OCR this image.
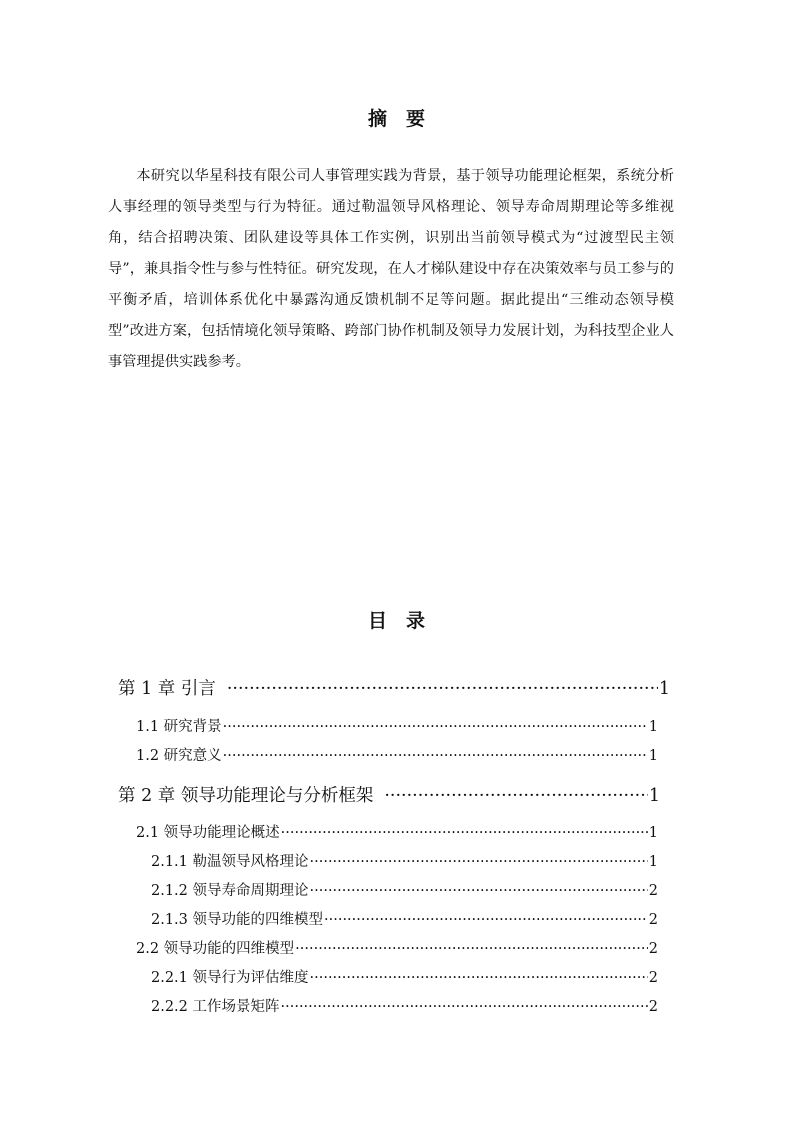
摘　要

本研究以华星科技有限公司人事管理实践为背景，基于领导功能理论框架，系统分析人事经理的领导类型与行为特征。通过勒温领导风格理论、领导寿命周期理论等多维视角，结合招聘决策、团队建设等具体工作实例，识别出当前领导模式为“过渡型民主领导”，兼具指令性与参与性特征。研究发现，在人才梯队建设中存在决策效率与员工参与的平衡矛盾，培训体系优化中暴露沟通反馈机制不足等问题。据此提出“三维动态领导模型”改进方案，包括情境化领导策略、跨部门协作机制及领导力发展计划，为科技型企业人事管理提供实践参考。

目　录
第 1 章 引言 ·····	1
1.1 研究背景 ·····	1
1.2 研究意义 ·····	1
第 2 章 领导功能理论与分析框架 ·····	1
2.1 领导功能理论概述 ·····	1
2.1.1 勒温领导风格理论 ·····	1
2.1.2 领导寿命周期理论 ·····	2
2.1.3 领导功能的四维模型 ·····	2
2.2 领导功能的四维模型 ·····	2
2.2.1 领导行为评估维度 ·····	2
2.2.2 工作场景矩阵 ·····	2
